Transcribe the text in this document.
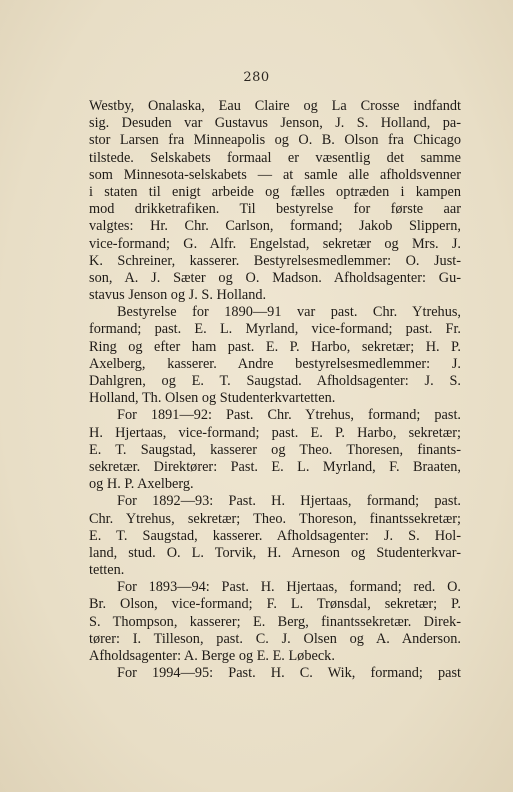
280
Westby, Onalaska, Eau Claire og La Crosse indfandt
sig. Desuden var Gustavus Jenson, J. S. Holland, pa-
stor Larsen fra Minneapolis og O. B. Olson fra Chicago
tilstede. Selskabets formaal er væsentlig det samme
som Minnesota-selskabets — at samle alle afholdsvenner
i staten til enigt arbeide og fælles optræden i kampen
mod drikketrafiken. Til bestyrelse for første aar
valgtes: Hr. Chr. Carlson, formand; Jakob Slippern,
vice-formand; G. Alfr. Engelstad, sekretær og Mrs. J.
K. Schreiner, kasserer. Bestyrelsesmedlemmer: O. Just-
son, A. J. Sæter og O. Madson. Afholdsagenter: Gu-
stavus Jenson og J. S. Holland.
Bestyrelse for 1890—91 var past. Chr. Ytrehus,
formand; past. E. L. Myrland, vice-formand; past. Fr.
Ring og efter ham past. E. P. Harbo, sekretær; H. P.
Axelberg, kasserer. Andre bestyrelsesmedlemmer: J.
Dahlgren, og E. T. Saugstad. Afholdsagenter: J. S.
Holland, Th. Olsen og Studenterkvartetten.
For 1891—92: Past. Chr. Ytrehus, formand; past.
H. Hjertaas, vice-formand; past. E. P. Harbo, sekretær;
E. T. Saugstad, kasserer og Theo. Thoresen, finants-
sekretær. Direktører: Past. E. L. Myrland, F. Braaten,
og H. P. Axelberg.
For 1892—93: Past. H. Hjertaas, formand; past.
Chr. Ytrehus, sekretær; Theo. Thoreson, finantssekretær;
E. T. Saugstad, kasserer. Afholdsagenter: J. S. Hol-
land, stud. O. L. Torvik, H. Arneson og Studenterkvar-
tetten.
For 1893—94: Past. H. Hjertaas, formand; red. O.
Br. Olson, vice-formand; F. L. Trønsdal, sekretær; P.
S. Thompson, kasserer; E. Berg, finantssekretær. Direk-
tører: I. Tilleson, past. C. J. Olsen og A. Anderson.
Afholdsagenter: A. Berge og E. E. Løbeck.
For 1994—95: Past. H. C. Wik, formand; past
